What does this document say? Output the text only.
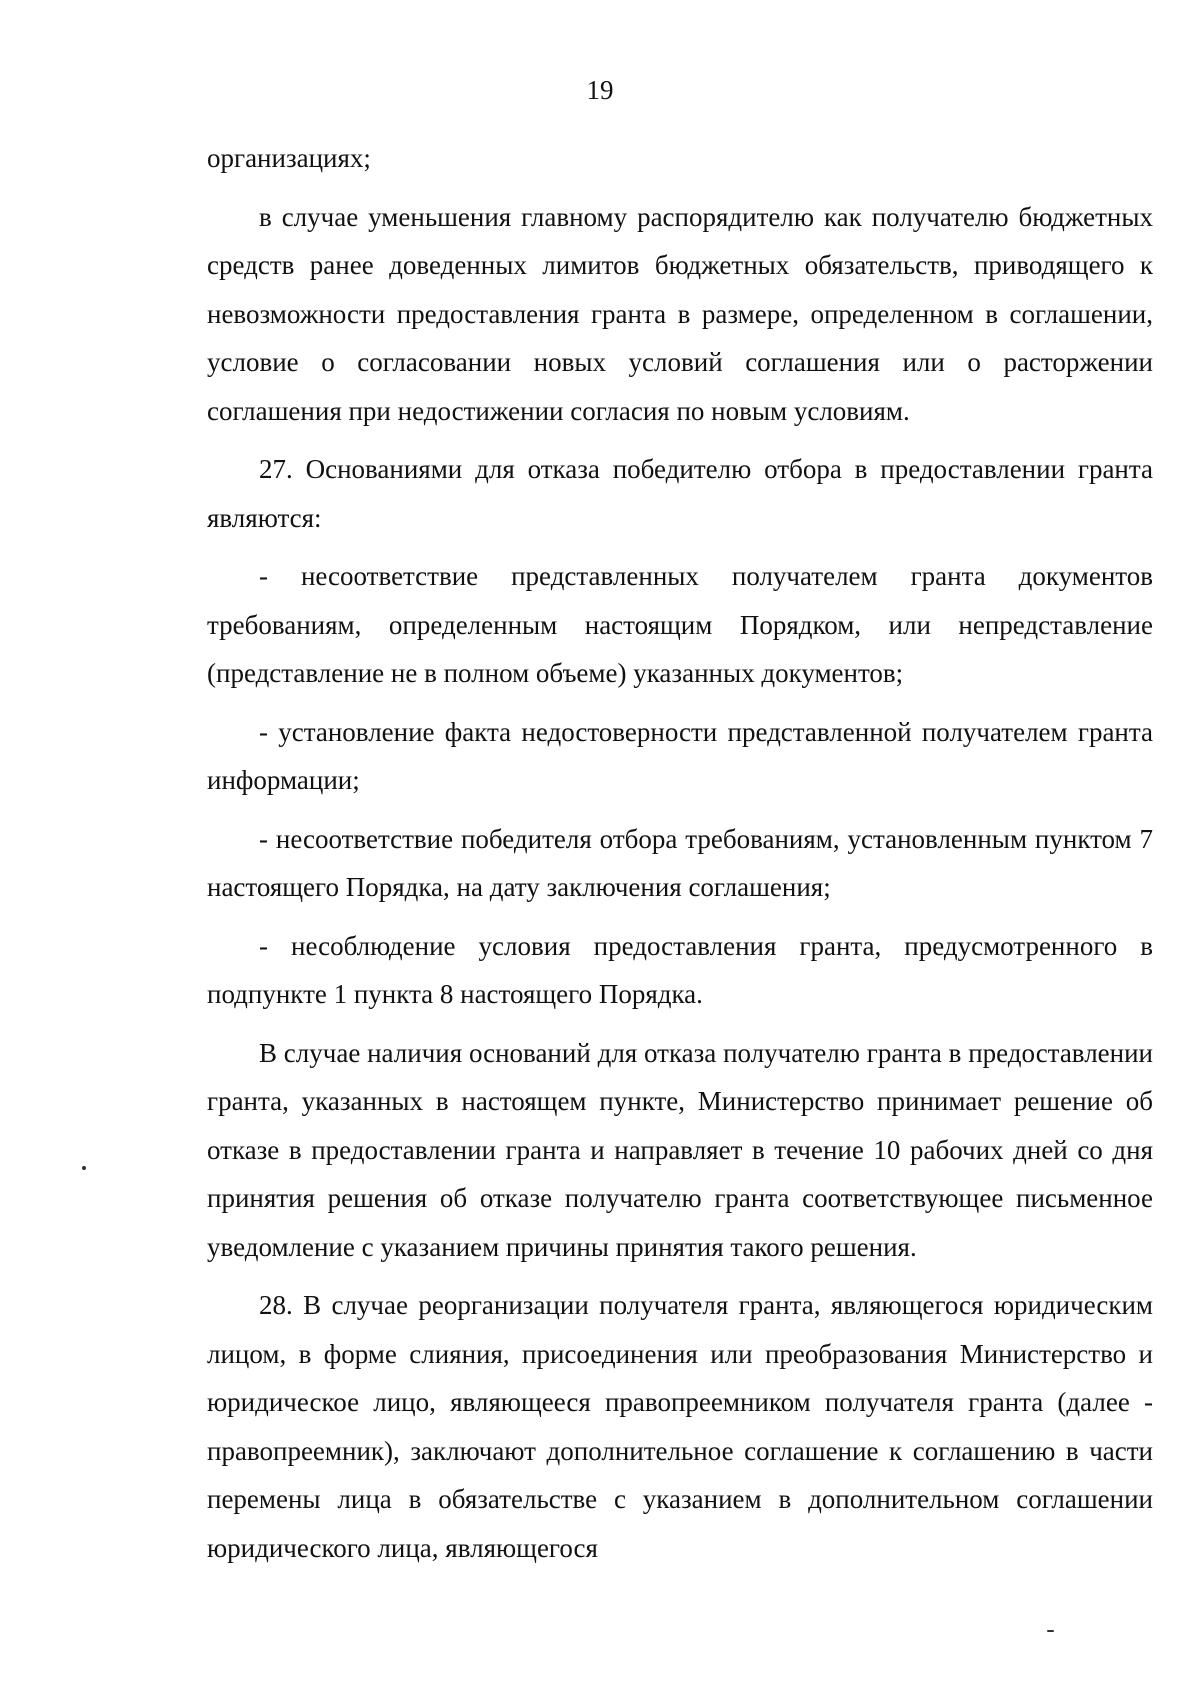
19

организациях;

в случае уменьшения главному распорядителю как получателю бюджетных средств ранее доведенных лимитов бюджетных обязательств, приводящего к невозможности предоставления гранта в размере, определенном в соглашении, условие о согласовании новых условий соглашения или о расторжении соглашения при недостижении согласия по новым условиям.

27. Основаниями для отказа победителю отбора в предоставлении гранта являются:

- несоответствие представленных получателем гранта документов требованиям, определенным настоящим Порядком, или непредставление (представление не в полном объеме) указанных документов;

- установление факта недостоверности представленной получателем гранта информации;

- несоответствие победителя отбора требованиям, установленным пунктом 7 настоящего Порядка, на дату заключения соглашения;

- несоблюдение условия предоставления гранта, предусмотренного в подпункте 1 пункта 8 настоящего Порядка.

В случае наличия оснований для отказа получателю гранта в предоставлении гранта, указанных в настоящем пункте, Министерство принимает решение об отказе в предоставлении гранта и направляет в течение 10 рабочих дней со дня принятия решения об отказе получателю гранта соответствующее письменное уведомление с указанием причины принятия такого решения.

28. В случае реорганизации получателя гранта, являющегося юридическим лицом, в форме слияния, присоединения или преобразования Министерство и юридическое лицо, являющееся правопреемником получателя гранта (далее - правопреемник), заключают дополнительное соглашение к соглашению в части перемены лица в обязательстве с указанием в дополнительном соглашении юридического лица, являющегося
